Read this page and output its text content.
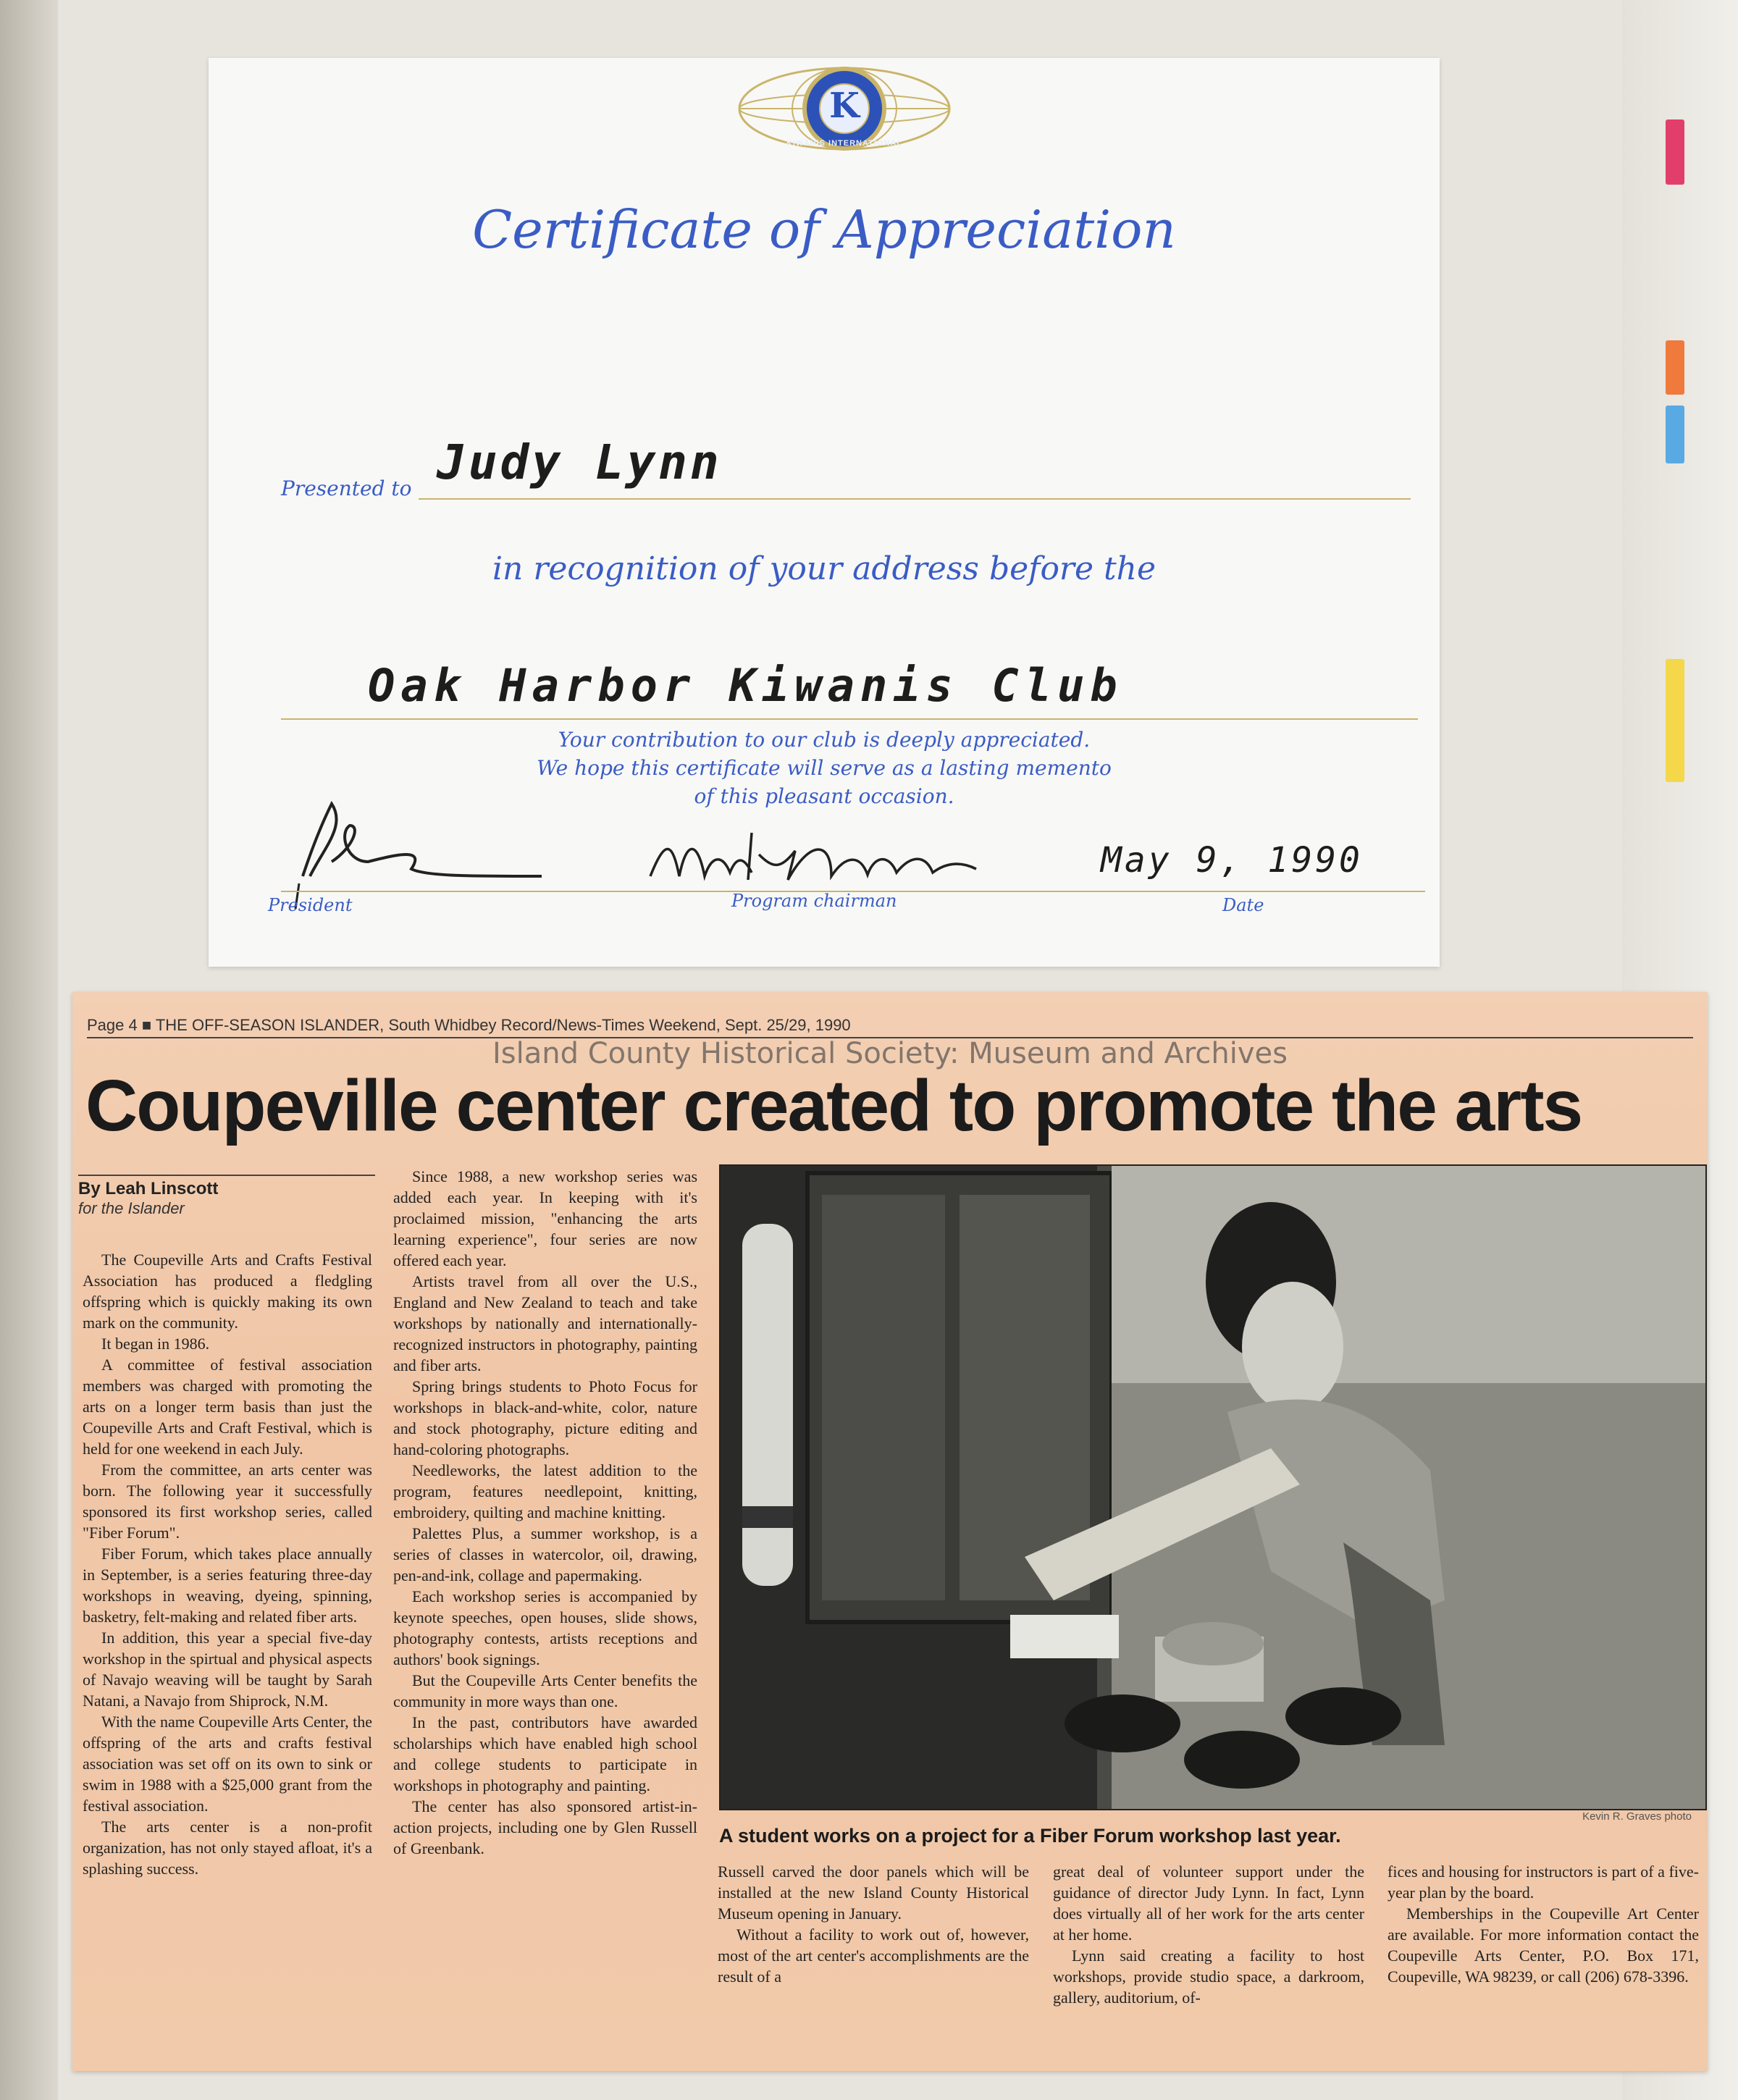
K
KIWANIS INTERNATIONAL
Certificate of Appreciation
Presented to Judy Lynn
in recognition of your address before the
Oak Harbor Kiwanis Club
Your contribution to our club is deeply appreciated.
We hope this certificate will serve as a lasting memento
of this pleasant occasion.
May 9, 1990
President	Program chairman	Date
Page 4 ■ THE OFF-SEASON ISLANDER, South Whidbey Record/News-Times Weekend, Sept. 25/29, 1990
Island County Historical Society: Museum and Archives
Coupeville center created to promote the arts
By Leah Linscott
for the Islander

The Coupeville Arts and Crafts Festival Association has produced a fledgling offspring which is quickly making its own mark on the community.

It began in 1986.

A committee of festival association members was charged with promoting the arts on a longer term basis than just the Coupeville Arts and Craft Festival, which is held for one weekend in each July.

From the committee, an arts center was born. The following year it successfully sponsored its first workshop series, called "Fiber Forum".

Fiber Forum, which takes place annually in September, is a series featuring three-day workshops in weaving, dyeing, spinning, basketry, felt-making and related fiber arts.

In addition, this year a special five-day workshop in the spirtual and physical aspects of Navajo weaving will be taught by Sarah Natani, a Navajo from Shiprock, N.M.

With the name Coupeville Arts Center, the offspring of the arts and crafts festival association was set off on its own to sink or swim in 1988 with a $25,000 grant from the festival association.

The arts center is a non-profit organization, has not only stayed afloat, it's a splashing success.

Since 1988, a new workshop series was added each year. In keeping with it's proclaimed mission, "enhancing the arts learning experience", four series are now offered each year.

Artists travel from all over the U.S., England and New Zealand to teach and take workshops by nationally and internationally-recognized instructors in photography, painting and fiber arts.

Spring brings students to Photo Focus for workshops in black-and-white, color, nature and stock photography, picture editing and hand-coloring photographs.

Needleworks, the latest addition to the program, features needlepoint, knitting, embroidery, quilting and machine knitting.

Palettes Plus, a summer workshop, is a series of classes in watercolor, oil, drawing, pen-and-ink, collage and papermaking.

Each workshop series is accompanied by keynote speeches, open houses, slide shows, photography contests, artists receptions and authors' book signings.

But the Coupeville Arts Center benefits the community in more ways than one.

In the past, contributors have awarded scholarships which have enabled high school and college students to participate in workshops in photography and painting.

The center has also sponsored artist-in-action projects, including one by Glen Russell of Greenbank.

Kevin R. Graves photo
A student works on a project for a Fiber Forum workshop last year.

Russell carved the door panels which will be installed at the new Island County Historical Museum opening in January.

Without a facility to work out of, however, most of the art center's accomplishments are the result of a

great deal of volunteer support under the guidance of director Judy Lynn. In fact, Lynn does virtually all of her work for the arts center at her home.

Lynn said creating a facility to host workshops, provide studio space, a darkroom, gallery, auditorium, of-

fices and housing for instructors is part of a five-year plan by the board.

Memberships in the Coupeville Art Center are available. For more information contact the Coupeville Arts Center, P.O. Box 171, Coupeville, WA 98239, or call (206) 678-3396.
